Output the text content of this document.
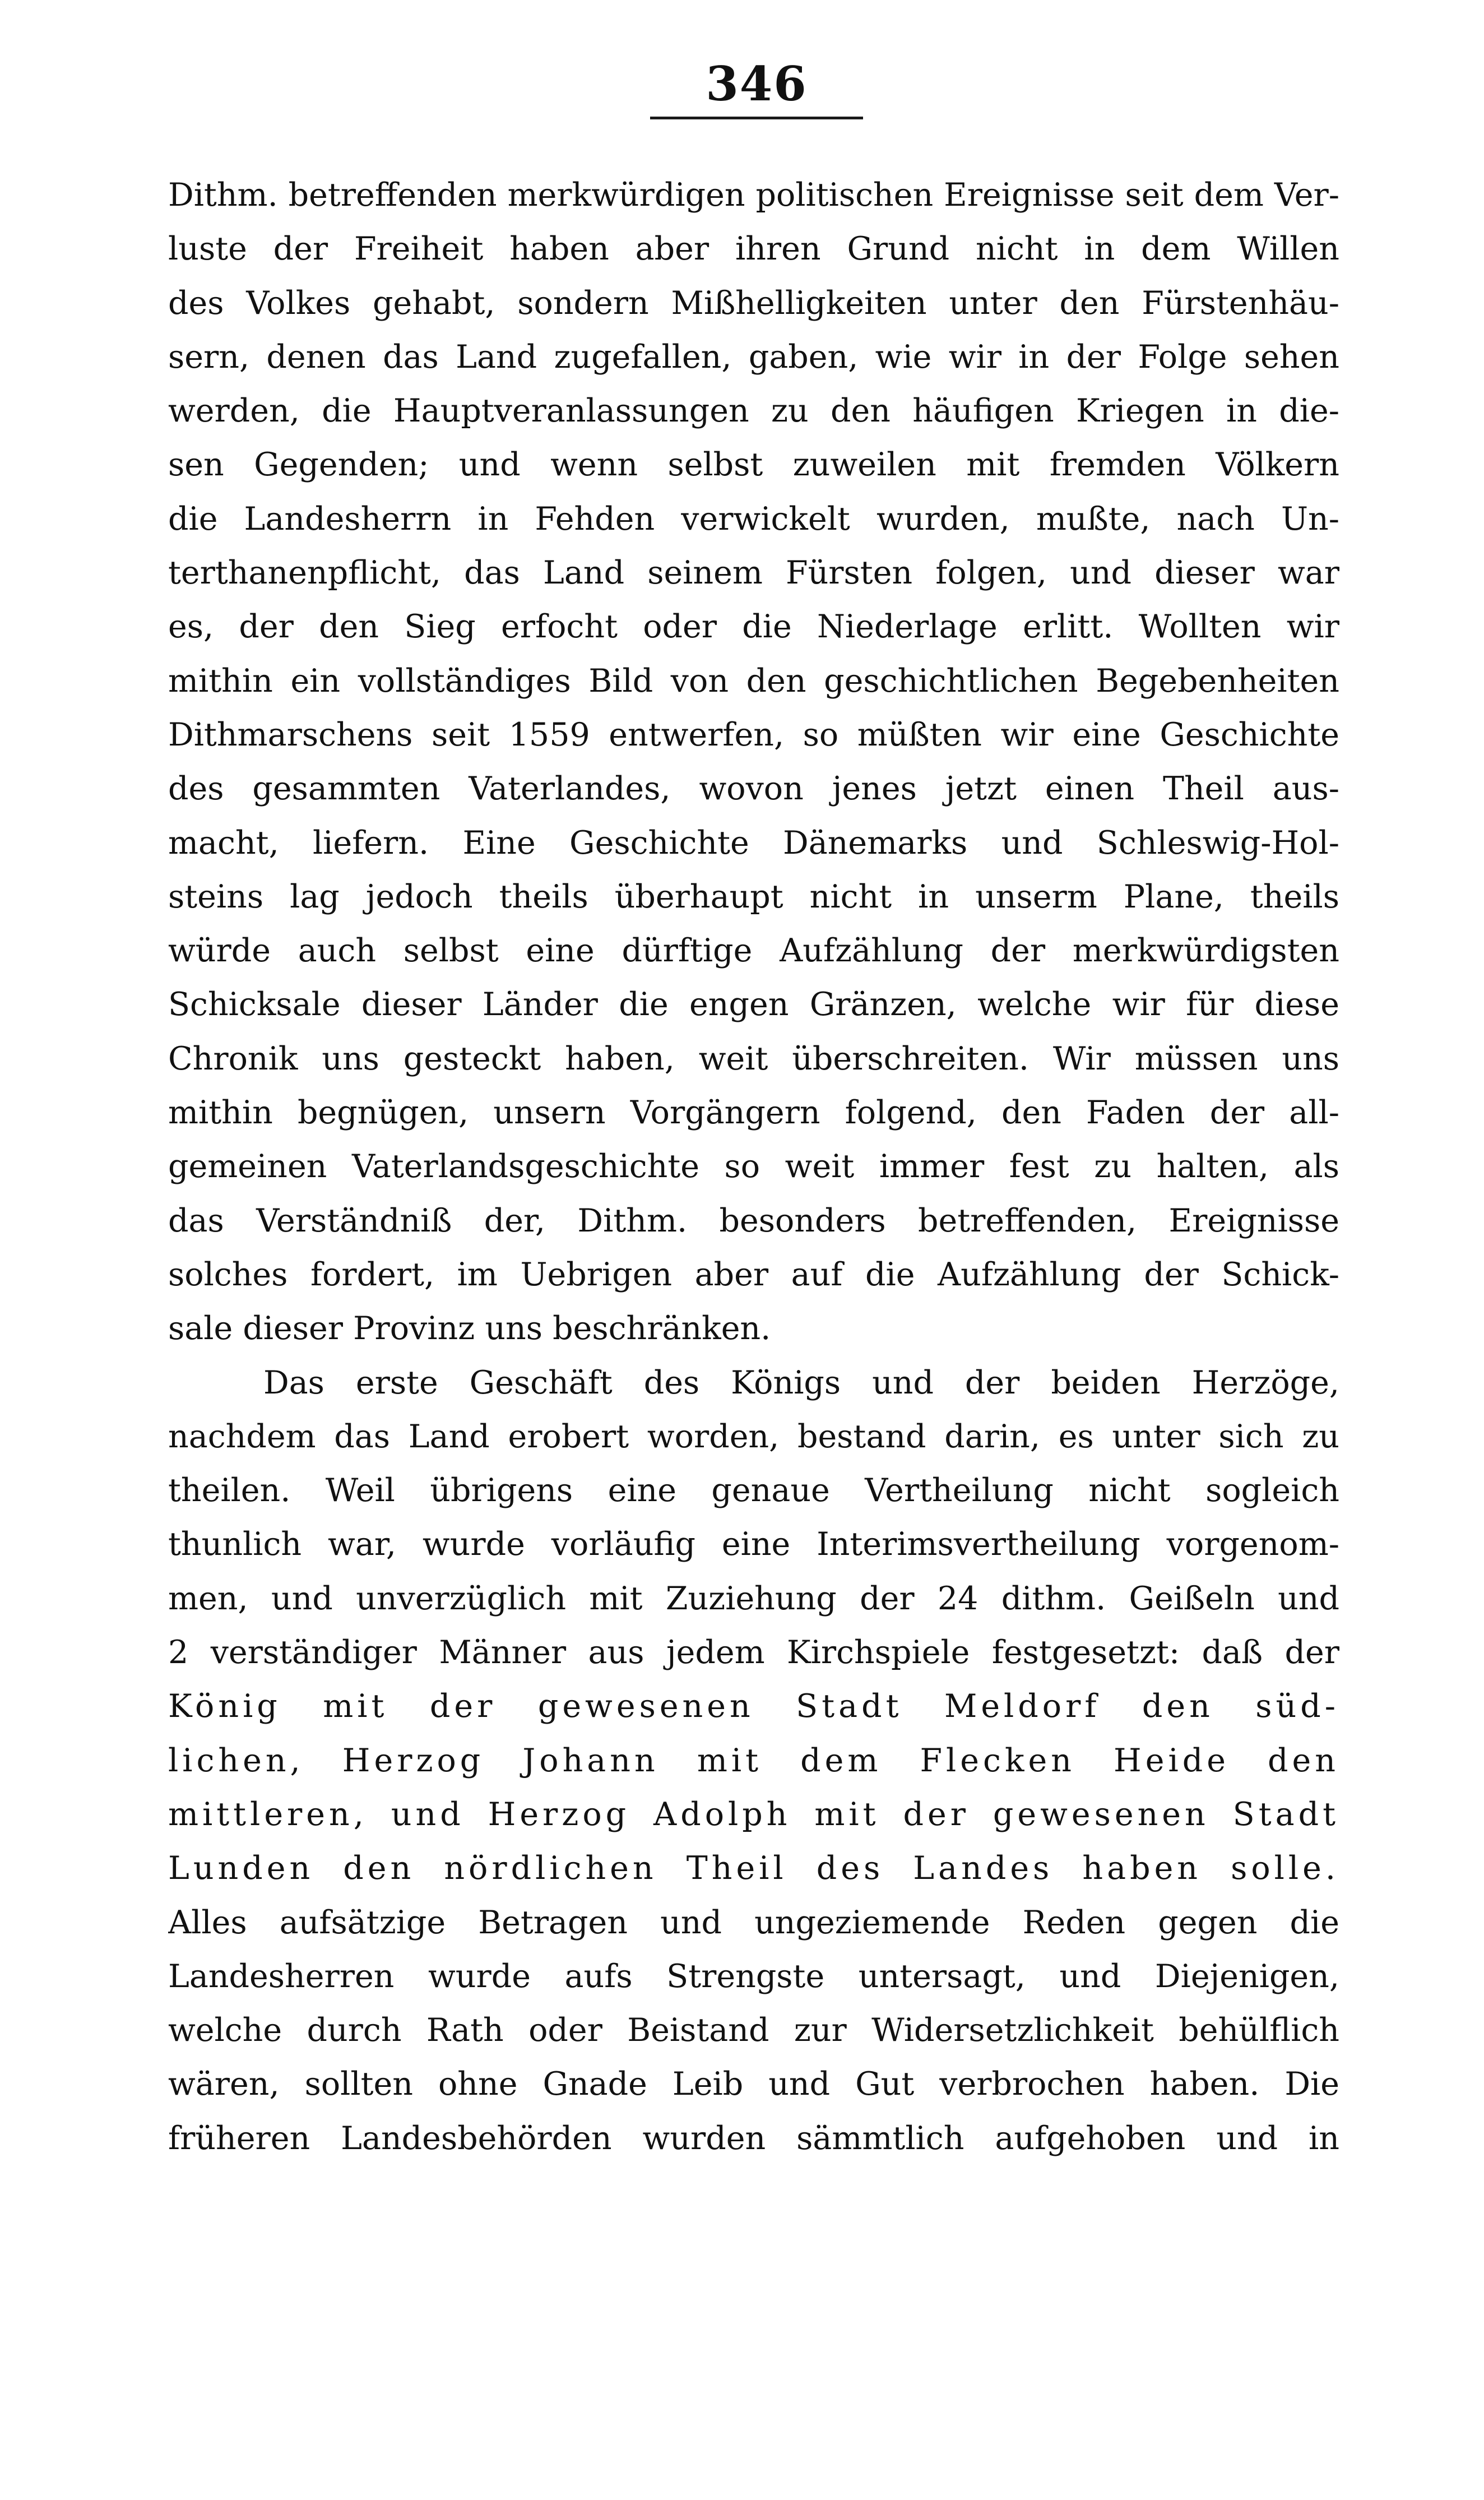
346
Dithm. betreffenden merkwürdigen politischen Ereignisse seit dem Ver-
luste der Freiheit haben aber ihren Grund nicht in dem Willen
des Volkes gehabt, sondern Mißhelligkeiten unter den Fürstenhäu-
sern, denen das Land zugefallen, gaben, wie wir in der Folge sehen
werden, die Hauptveranlassungen zu den häufigen Kriegen in die-
sen Gegenden; und wenn selbst zuweilen mit fremden Völkern
die Landesherrn in Fehden verwickelt wurden, mußte, nach Un-
terthanenpflicht, das Land seinem Fürsten folgen, und dieser war
es, der den Sieg erfocht oder die Niederlage erlitt. Wollten wir
mithin ein vollständiges Bild von den geschichtlichen Begebenheiten
Dithmarschens seit 1559 entwerfen, so müßten wir eine Geschichte
des gesammten Vaterlandes, wovon jenes jetzt einen Theil aus-
macht, liefern. Eine Geschichte Dänemarks und Schleswig-Hol-
steins lag jedoch theils überhaupt nicht in unserm Plane, theils
würde auch selbst eine dürftige Aufzählung der merkwürdigsten
Schicksale dieser Länder die engen Gränzen, welche wir für diese
Chronik uns gesteckt haben, weit überschreiten. Wir müssen uns
mithin begnügen, unsern Vorgängern folgend, den Faden der all-
gemeinen Vaterlandsgeschichte so weit immer fest zu halten, als
das Verständniß der, Dithm. besonders betreffenden, Ereignisse
solches fordert, im Uebrigen aber auf die Aufzählung der Schick-
sale dieser Provinz uns beschränken.
Das erste Geschäft des Königs und der beiden Herzöge,
nachdem das Land erobert worden, bestand darin, es unter sich zu
theilen. Weil übrigens eine genaue Vertheilung nicht sogleich
thunlich war, wurde vorläufig eine Interimsvertheilung vorgenom-
men, und unverzüglich mit Zuziehung der 24 dithm. Geißeln und
2 verständiger Männer aus jedem Kirchspiele festgesetzt: daß der
König mit der gewesenen Stadt Meldorf den süd-
lichen, Herzog Johann mit dem Flecken Heide den
mittleren, und Herzog Adolph mit der gewesenen Stadt
Lunden den nördlichen Theil des Landes haben solle.
Alles aufsätzige Betragen und ungeziemende Reden gegen die
Landesherren wurde aufs Strengste untersagt, und Diejenigen,
welche durch Rath oder Beistand zur Widersetzlichkeit behülflich
wären, sollten ohne Gnade Leib und Gut verbrochen haben. Die
früheren Landesbehörden wurden sämmtlich aufgehoben und in
